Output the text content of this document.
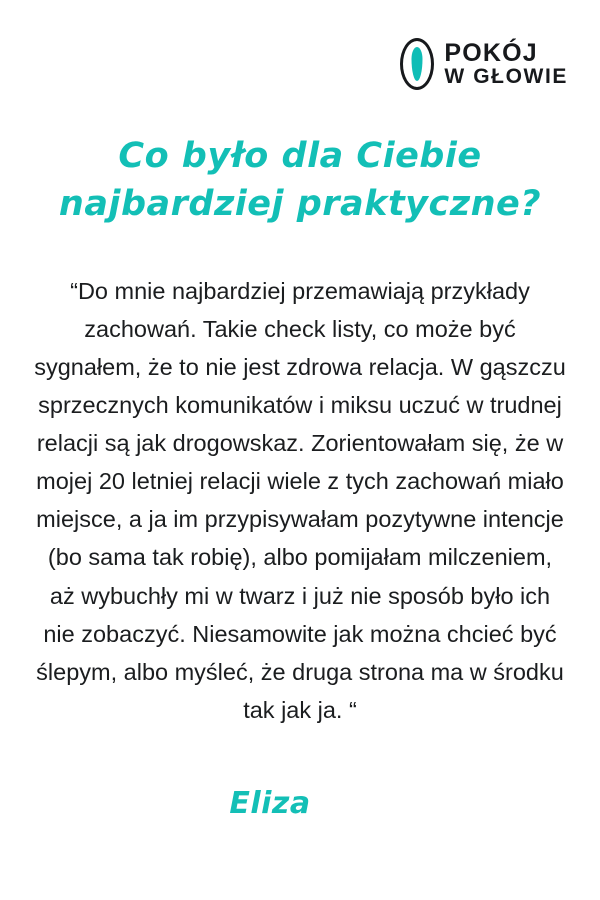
POKÓJ
W GŁOWIE
Co było dla Ciebie najbardziej praktyczne?
“Do mnie najbardziej przemawiają przykłady zachowań. Takie check listy, co może być sygnałem, że to nie jest zdrowa relacja. W gąszczu sprzecznych komunikatów i miksu uczuć w trudnej relacji są jak drogowskaz. Zorientowałam się, że w mojej 20 letniej relacji wiele z tych zachowań miało miejsce, a ja im przypisywałam pozytywne intencje (bo sama tak robię), albo pomijałam milczeniem, aż wybuchły mi w twarz i już nie sposób było ich nie zobaczyć. Niesamowite jak można chcieć być ślepym, albo myśleć, że druga strona ma w środku tak jak ja. “
Eliza
